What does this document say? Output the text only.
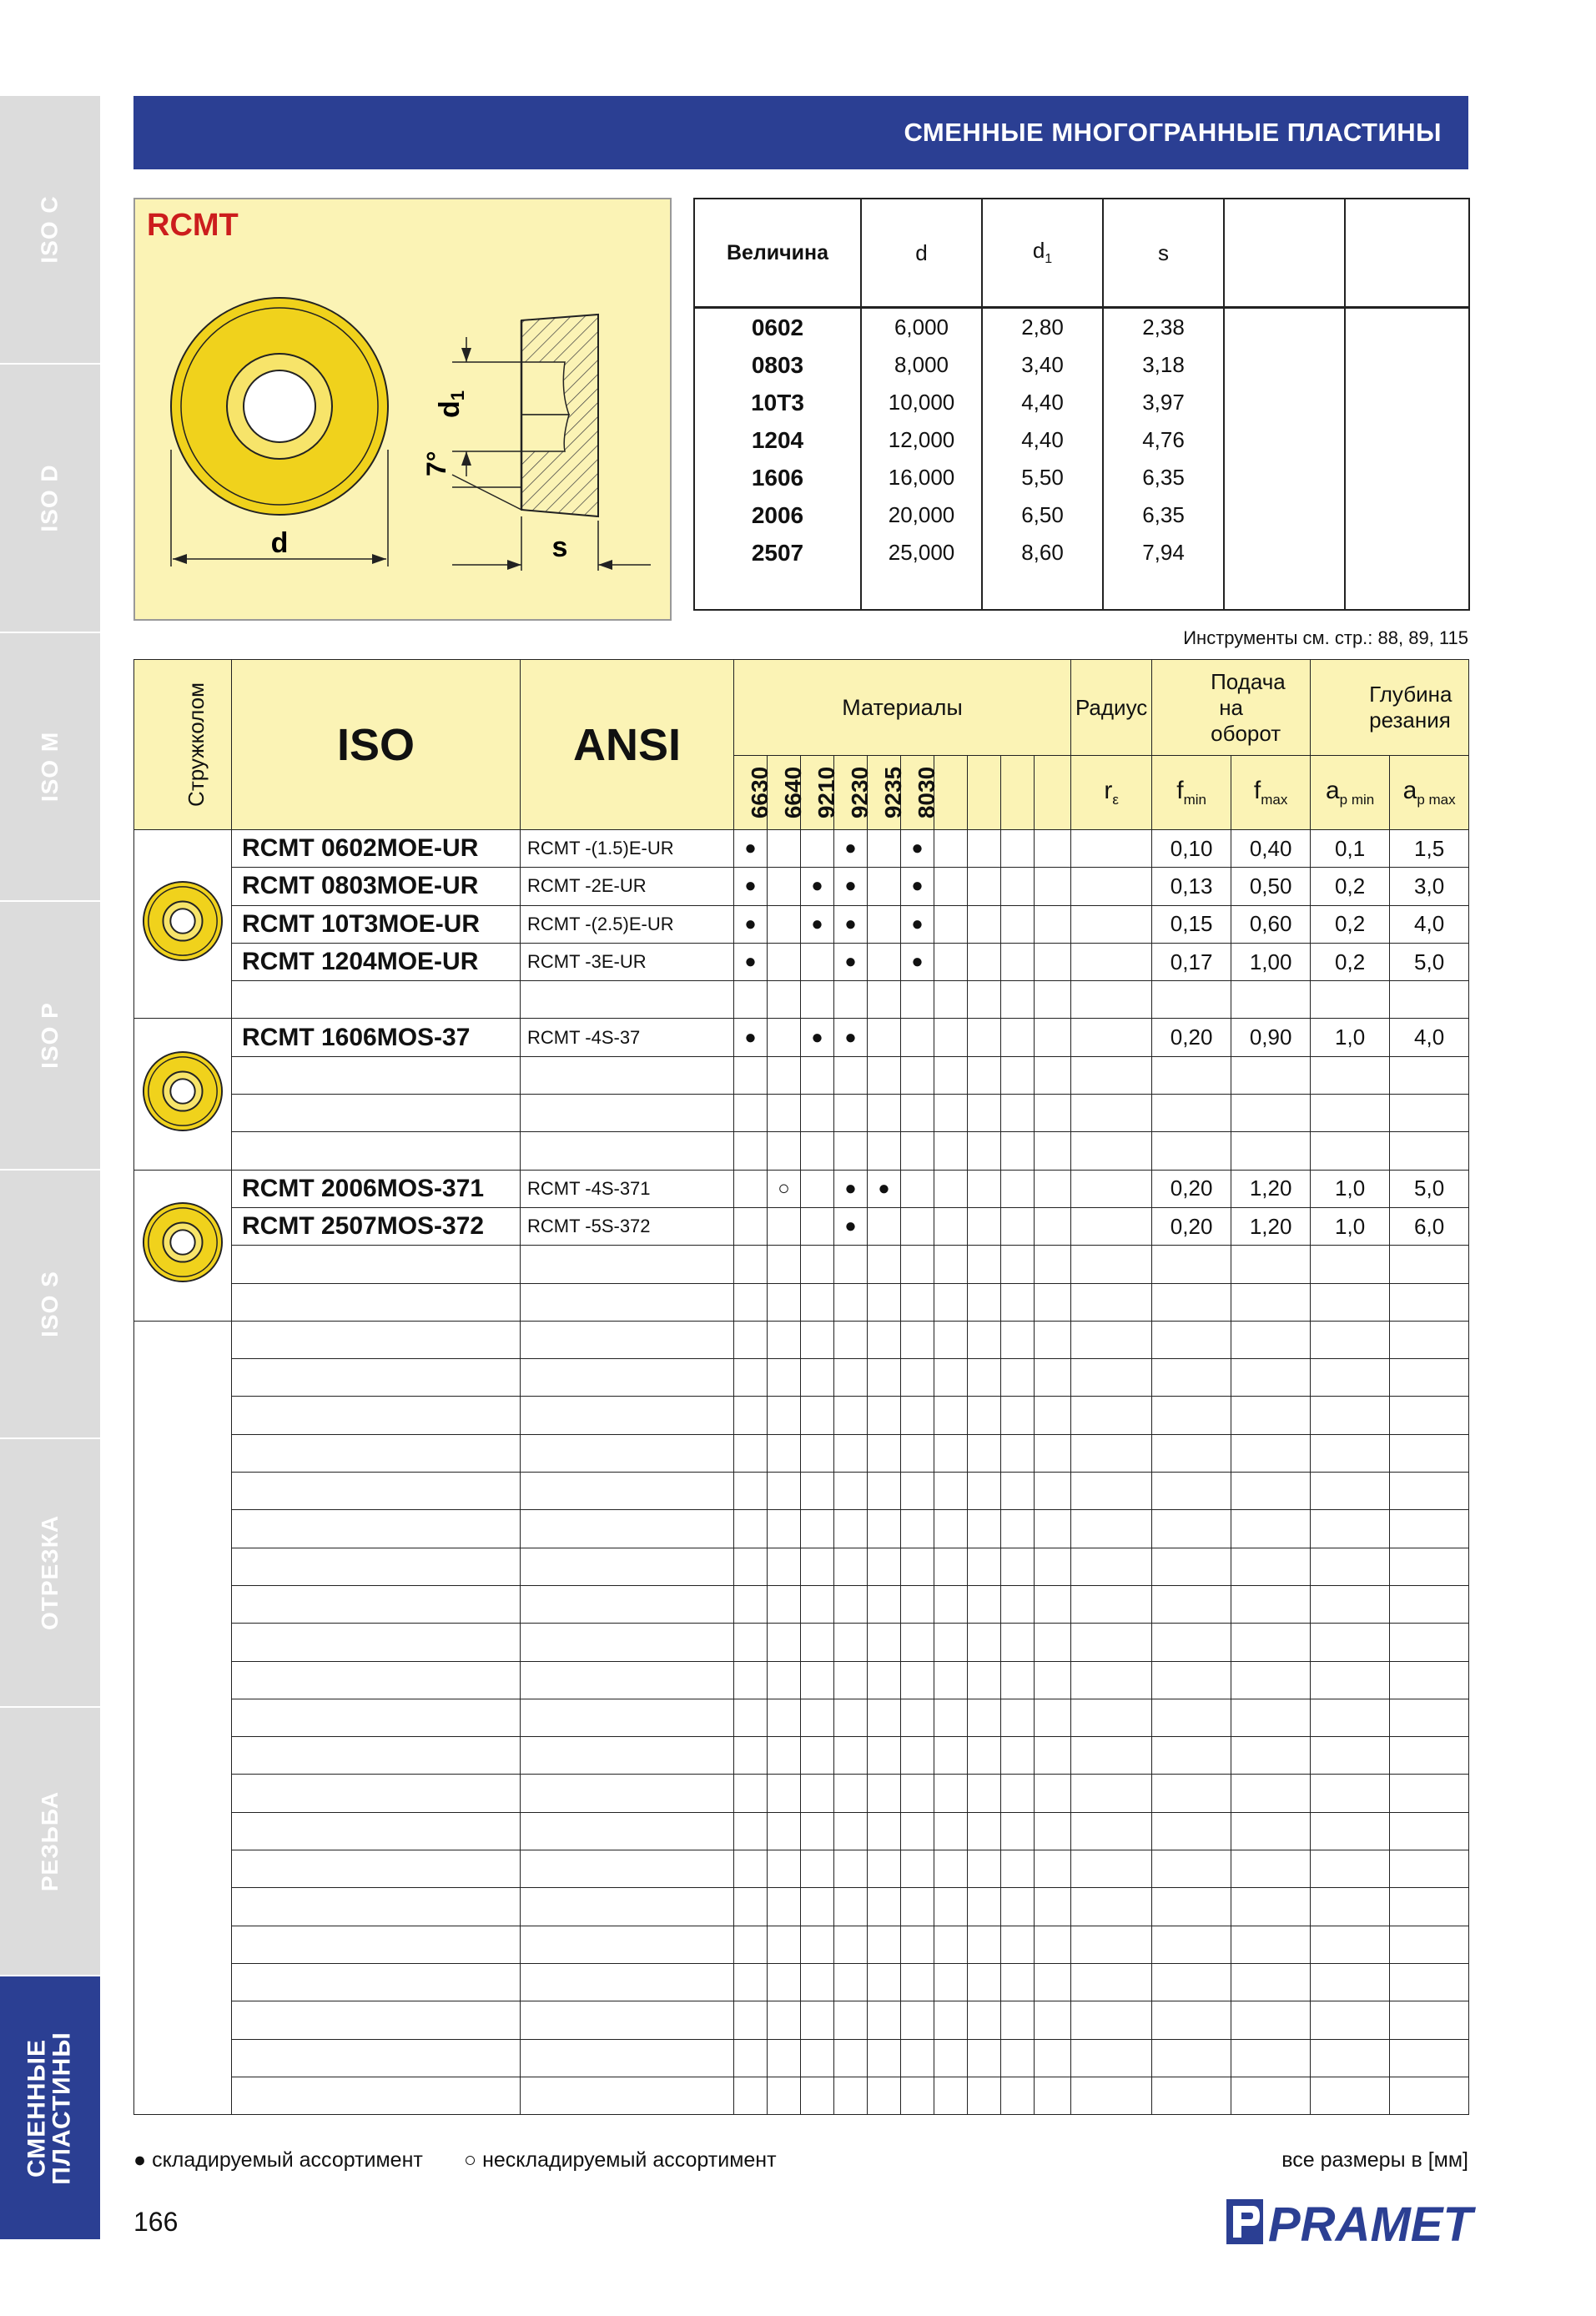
ISO C
ISO D
ISO M
ISO P
ISO S
ОТРЕЗКА
РЕЗЬБА
СМЕННЫЕ
ПЛАСТИНЫ
СМЕННЫЕ МНОГОГРАННЫЕ ПЛАСТИНЫ
d
d1
7°
s
RCMT
Величина	d	$d_1$	s		
0602	6,000	2,80	2,38		
0803	8,000	3,40	3,18		
10T3	10,000	4,40	3,97		
1204	12,000	4,40	4,76		
1606	16,000	5,50	6,35		
2006	20,000	6,50	6,35		
2507	25,000	8,60	7,94		

Инструменты см. стр.: 88, 89, 115
Стружколом	ISO	ANSI	Материалы										Радиус	Подача на оборот		Глубина резания	
			6630	6640	9210	9230	9235	8030					$r_\varepsilon$	$f_{min}$	$f_{max}$	$a_{p min}$	$a_{p max}$
	RCMT 0602MOE-UR	RCMT -(1.5)E-UR	●			●		●						0,10	0,40	0,1	1,5
	RCMT 0803MOE-UR	RCMT -2E-UR	●		●	●		●						0,13	0,50	0,2	3,0
	RCMT 10T3MOE-UR	RCMT -(2.5)E-UR	●		●	●		●						0,15	0,60	0,2	4,0
	RCMT 1204MOE-UR	RCMT -3E-UR	●			●		●						0,17	1,00	0,2	5,0

	RCMT 1606MOS-37	RCMT -4S-37	●		●	●								0,20	0,90	1,0	4,0

	RCMT 2006MOS-371	RCMT -4S-371		○		●	●							0,20	1,20	1,0	5,0
	RCMT 2507MOS-372	RCMT -5S-372				●								0,20	1,20	1,0	6,0

● складируемый ассортимент ○ нескладируемый ассортимент	все размеры в [мм]
166	PRAMET
